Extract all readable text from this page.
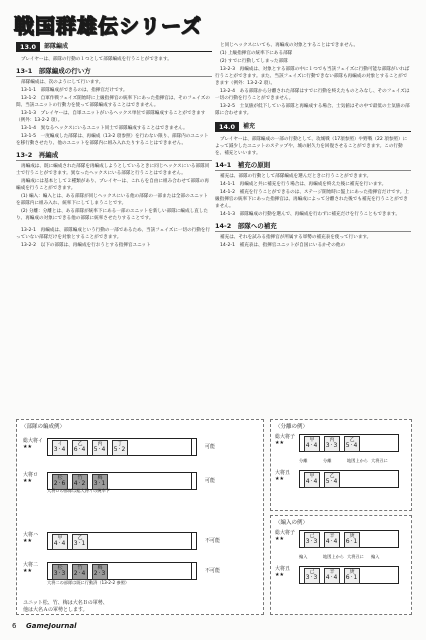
戦国群雄伝シリーズ
13.0	部隊編成
プレイヤーは、部隊の行動の１つとして部隊編成を行うことができます。
13-1　部隊編成の行い方
部隊編成は、次のようにして行います。
13-1-1　部隊編成ができるのは、指揮官だけです。
13-1-2　自軍作戦フェイズ開始時に上級指揮官の統率下にあった指揮官は、そのフェイズの間、当該ユニットの行動力を使って部隊編成することはできません。
13-1-3　プレイヤーは、自軍ユニットがいるヘックス単位で部隊編成することができます（例外：13-2-2 項）。
13-1-4　異なるヘックスにいるユニット同士で部隊編成することはできません。
13-1-5　一度編成した部隊は、再編成（13-2 項参照）を行わない限り、部隊内のユニットを移行動させたり、他のユニットを部隊内に組み入れたりすることはできません。
13-2　再編成
再編成は、既に編成された部隊を再編成しようとしているときに同じヘックスにいる部隊同士で行うことができます。異なったヘックスにいる部隊と行うことはできません。
再編成には基本として２種類があり、プレイヤーは、これらを自由に組み合わせて部隊の再編成を行うことができます。
(1) 編入：編入とは、ある部隊が同じヘックスにいる他の部隊の一部または全部のユニットを部隊内に組み入れ、統率下にしてしまうことです。
(2) 分離：分離とは、ある部隊が統率下にある一部のユニットを新しい部隊に編成し直したり、再編成の対象にできる他の部隊に統率させたりすることです。
13-2-1　再編成は、部隊編成という行動の一部であるため、当該フェイズに一切の行動を行っていない部隊だけを対象とすることができます。
13-2-2　以下の部隊は、再編成を行おうとする指揮官ユニット
と同じヘックスにいても、再編成の対象とすることはできません。
(1) 上級指揮官の統率下にある部隊
(2) すでに行動してしまった部隊
13-2-3　再編成は、対象とする部隊の中に１つでも当該フェイズに行動可能な部隊がいれば行うことができます。また、当該フェイズに行動できない部隊も再編成の対象とすることができます（例外：13-2-2 項）。
13-2-4　ある部隊から分離された部隊はすでに行動を終えたものとみなし、そのフェイズは一切の行動を行うことができません。
13-2-5　士気値が低下している部隊と再編成する場合、士気値はその中で最低の士気値の部隊に合わせます。
14.0	補充
プレイヤーは、部隊編成の一部の行動として、攻城戦（17項参照）や野戦（22 項参照）によって減少したユニットのステップや、城の耐久力を回復させることができます。この行動を、補充といいます。
14-1　補充の原則
補充は、部隊の行動として部隊編成を選んだときに行うことができます。
14-1-1　再編成と共に補充を行う場合は、再編成を終えた後に補充を行います。
14-1-2　補充を行うことができるのは、ステージ開始時に盤上にあった指揮官だけです。上級指揮官の統率下にあった指揮官は、再編成によって分離された後でも補充を行うことができません。
14-1-3　部隊編成の行動を選んで、再編成を行わずに補充だけを行うこともできます。
14-2　部隊への補充
補充は、それを試みる指揮官が所属する軍勢の補充表を使って行います。
14-2-1　補充表は、指揮官ユニットが自国にいるかその他の
〈部隊の編成例〉
総大将イ
★★	イ
3·4
乙
6·4
丙
5·4
丁
5·2	可能
大将ロ
★★	松
2·6
竹
4·2
梅
3·1	可能
大将ハ
★★	甲
4·4
乙
3·1	不可能
大将二
★★	松
3·3
竹
2·4
梅
2·3	不可能
大将ロの部隊は総大将イの統率下
大将二の部隊は既に行動済（13-2-2 参照）
ユニット松、竹、梅は大名Ｂの軍勢、
他は大名Ａの軍勢とします。
〈分離の例〉
総大将子
★★	甲
4·4
丙
3·3
乙
5·4
分離	分離	地図上から 大将丑に
大将丑
★★	甲
4·4
乙
5·4
〈編入の例〉
総大将子
★★	己
3·3
辛
4·4
庚
6·1
編入	地図上から 大将丑に 編入
大将丑
★★	己
3·3
辛
4·4
庚
6·1
6 GameJournal
